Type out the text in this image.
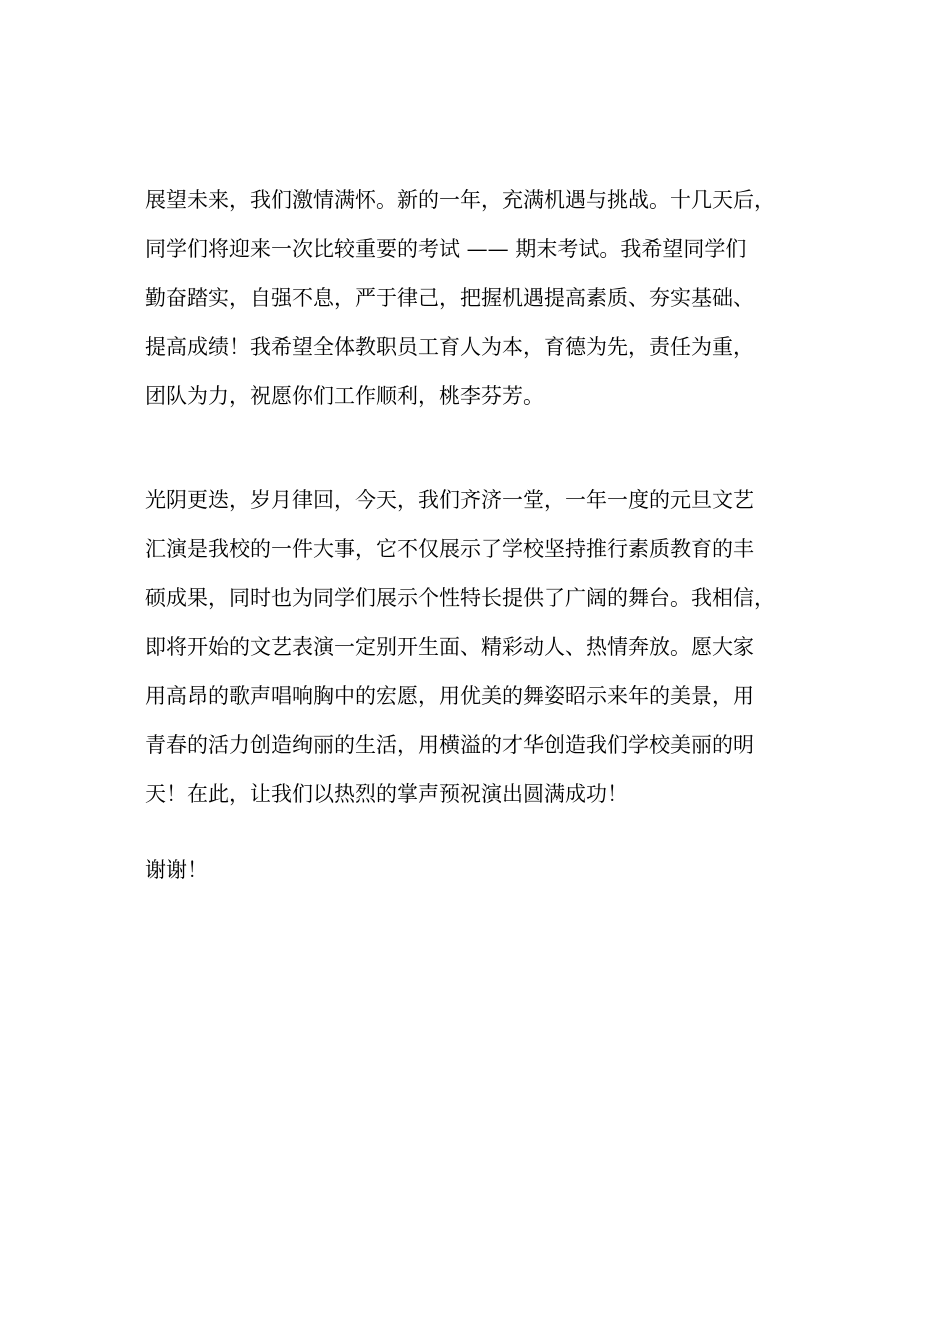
展望未来，我们激情满怀。新的一年，充满机遇与挑战。十几天后，
同学们将迎来一次比较重要的考试 —— 期末考试。我希望同学们
勤奋踏实，自强不息，严于律己，把握机遇提高素质、夯实基础、
提高成绩！我希望全体教职员工育人为本，育德为先，责任为重，
团队为力，祝愿你们工作顺利，桃李芬芳。
光阴更迭，岁月律回，今天，我们齐济一堂，一年一度的元旦文艺
汇演是我校的一件大事，它不仅展示了学校坚持推行素质教育的丰
硕成果，同时也为同学们展示个性特长提供了广阔的舞台。我相信，
即将开始的文艺表演一定别开生面、精彩动人、热情奔放。愿大家
用高昂的歌声唱响胸中的宏愿，用优美的舞姿昭示来年的美景，用
青春的活力创造绚丽的生活，用横溢的才华创造我们学校美丽的明
天！在此，让我们以热烈的掌声预祝演出圆满成功！
谢谢！
